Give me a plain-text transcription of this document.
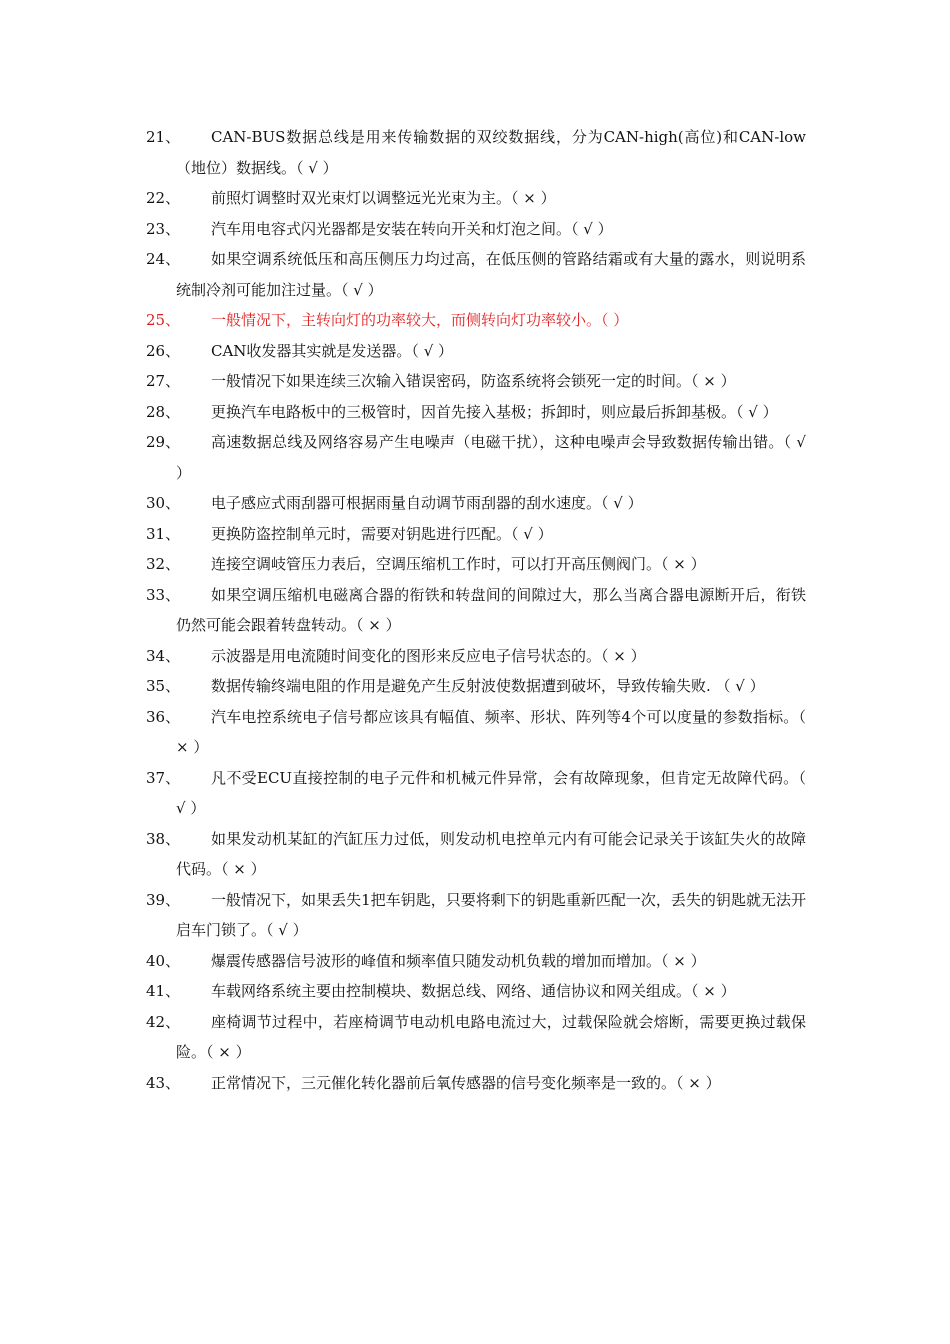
21、	CAN-BUS数据总线是用来传输数据的双绞数据线，分为CAN-high(高位)和CAN-low（地位）数据线。（ √ ）
22、	前照灯调整时双光束灯以调整远光光束为主。（ × ）
23、	汽车用电容式闪光器都是安装在转向开关和灯泡之间。（ √ ）
24、	如果空调系统低压和高压侧压力均过高，在低压侧的管路结霜或有大量的露水，则说明系统制冷剂可能加注过量。（ √ ）
25、	一般情况下，主转向灯的功率较大，而侧转向灯功率较小。（ ）
26、	CAN收发器其实就是发送器。（ √ ）
27、	一般情况下如果连续三次输入错误密码，防盗系统将会锁死一定的时间。（ × ）
28、	更换汽车电路板中的三极管时，因首先接入基极；拆卸时，则应最后拆卸基极。（ √ ）
29、	高速数据总线及网络容易产生电噪声（电磁干扰），这种电噪声会导致数据传输出错。（ √ ）
30、	电子感应式雨刮器可根据雨量自动调节雨刮器的刮水速度。（ √ ）
31、	更换防盗控制单元时，需要对钥匙进行匹配。（ √ ）
32、	连接空调岐管压力表后，空调压缩机工作时，可以打开高压侧阀门。（ × ）
33、	如果空调压缩机电磁离合器的衔铁和转盘间的间隙过大，那么当离合器电源断开后，衔铁仍然可能会跟着转盘转动。（ × ）
34、	示波器是用电流随时间变化的图形来反应电子信号状态的。（ × ）
35、	数据传输终端电阻的作用是避免产生反射波使数据遭到破坏，导致传输失败. （ √ ）
36、	汽车电控系统电子信号都应该具有幅值、频率、形状、阵列等4个可以度量的参数指标。（ × ）
37、	凡不受ECU直接控制的电子元件和机械元件异常，会有故障现象，但肯定无故障代码。（ √ ）
38、	如果发动机某缸的汽缸压力过低，则发动机电控单元内有可能会记录关于该缸失火的故障代码。（ × ）
39、	一般情况下，如果丢失1把车钥匙，只要将剩下的钥匙重新匹配一次，丢失的钥匙就无法开启车门锁了。（ √ ）
40、	爆震传感器信号波形的峰值和频率值只随发动机负载的增加而增加。（ × ）
41、	车载网络系统主要由控制模块、数据总线、网络、通信协议和网关组成。（ × ）
42、	座椅调节过程中，若座椅调节电动机电路电流过大，过载保险就会熔断，需要更换过载保险。（ × ）
43、	正常情况下，三元催化转化器前后氧传感器的信号变化频率是一致的。（ × ）
